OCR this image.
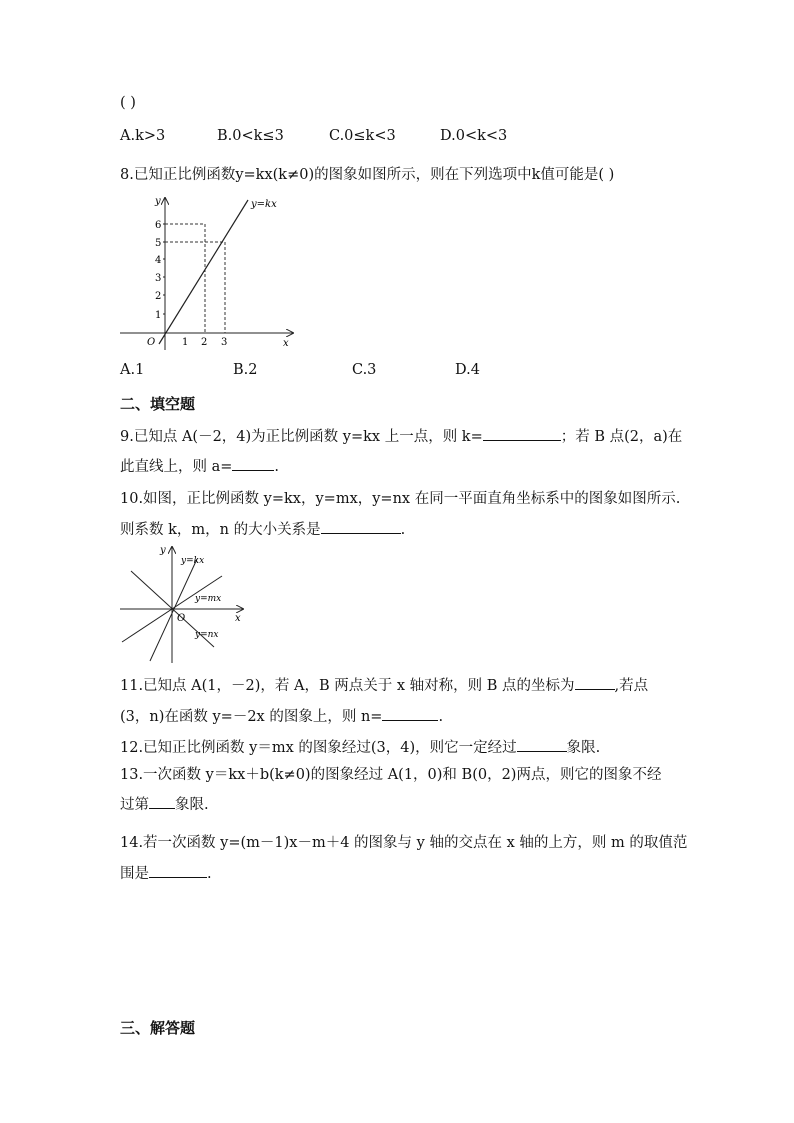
( )
A.k>3	B.0<k≤3	C.0≤k<3	D.0<k<3
8.已知正比例函数y=kx(k≠0)的图象如图所示，则在下列选项中k值可能是( )
y=kx
y
x
O
1
2
3
4
5
6
1 2 3
A.1	B.2	C.3	D.4
二、填空题
9.已知点 A(－2，4)为正比例函数 y=kx 上一点，则 k=	；若 B 点(2，a)在
此直线上，则 a=	.
10.如图，正比例函数 y=kx，y=mx，y=nx 在同一平面直角坐标系中的图象如图所示.
则系数 k，m，n 的大小关系是	.
y=kx
y=mx
y=nx
y
x
O
11.已知点 A(1，－2)，若 A，B 两点关于 x 轴对称，则 B 点的坐标为	,若点
(3，n)在函数 y=－2x 的图象上，则 n=	.
12.已知正比例函数 y＝mx 的图象经过(3，4)，则它一定经过	象限.
13.一次函数 y＝kx＋b(k≠0)的图象经过 A(1，0)和 B(0，2)两点，则它的图象不经
过第 象限.
14.若一次函数 y=(m－1)x－m＋4 的图象与 y 轴的交点在 x 轴的上方，则 m 的取值范
围是	.
三、解答题
